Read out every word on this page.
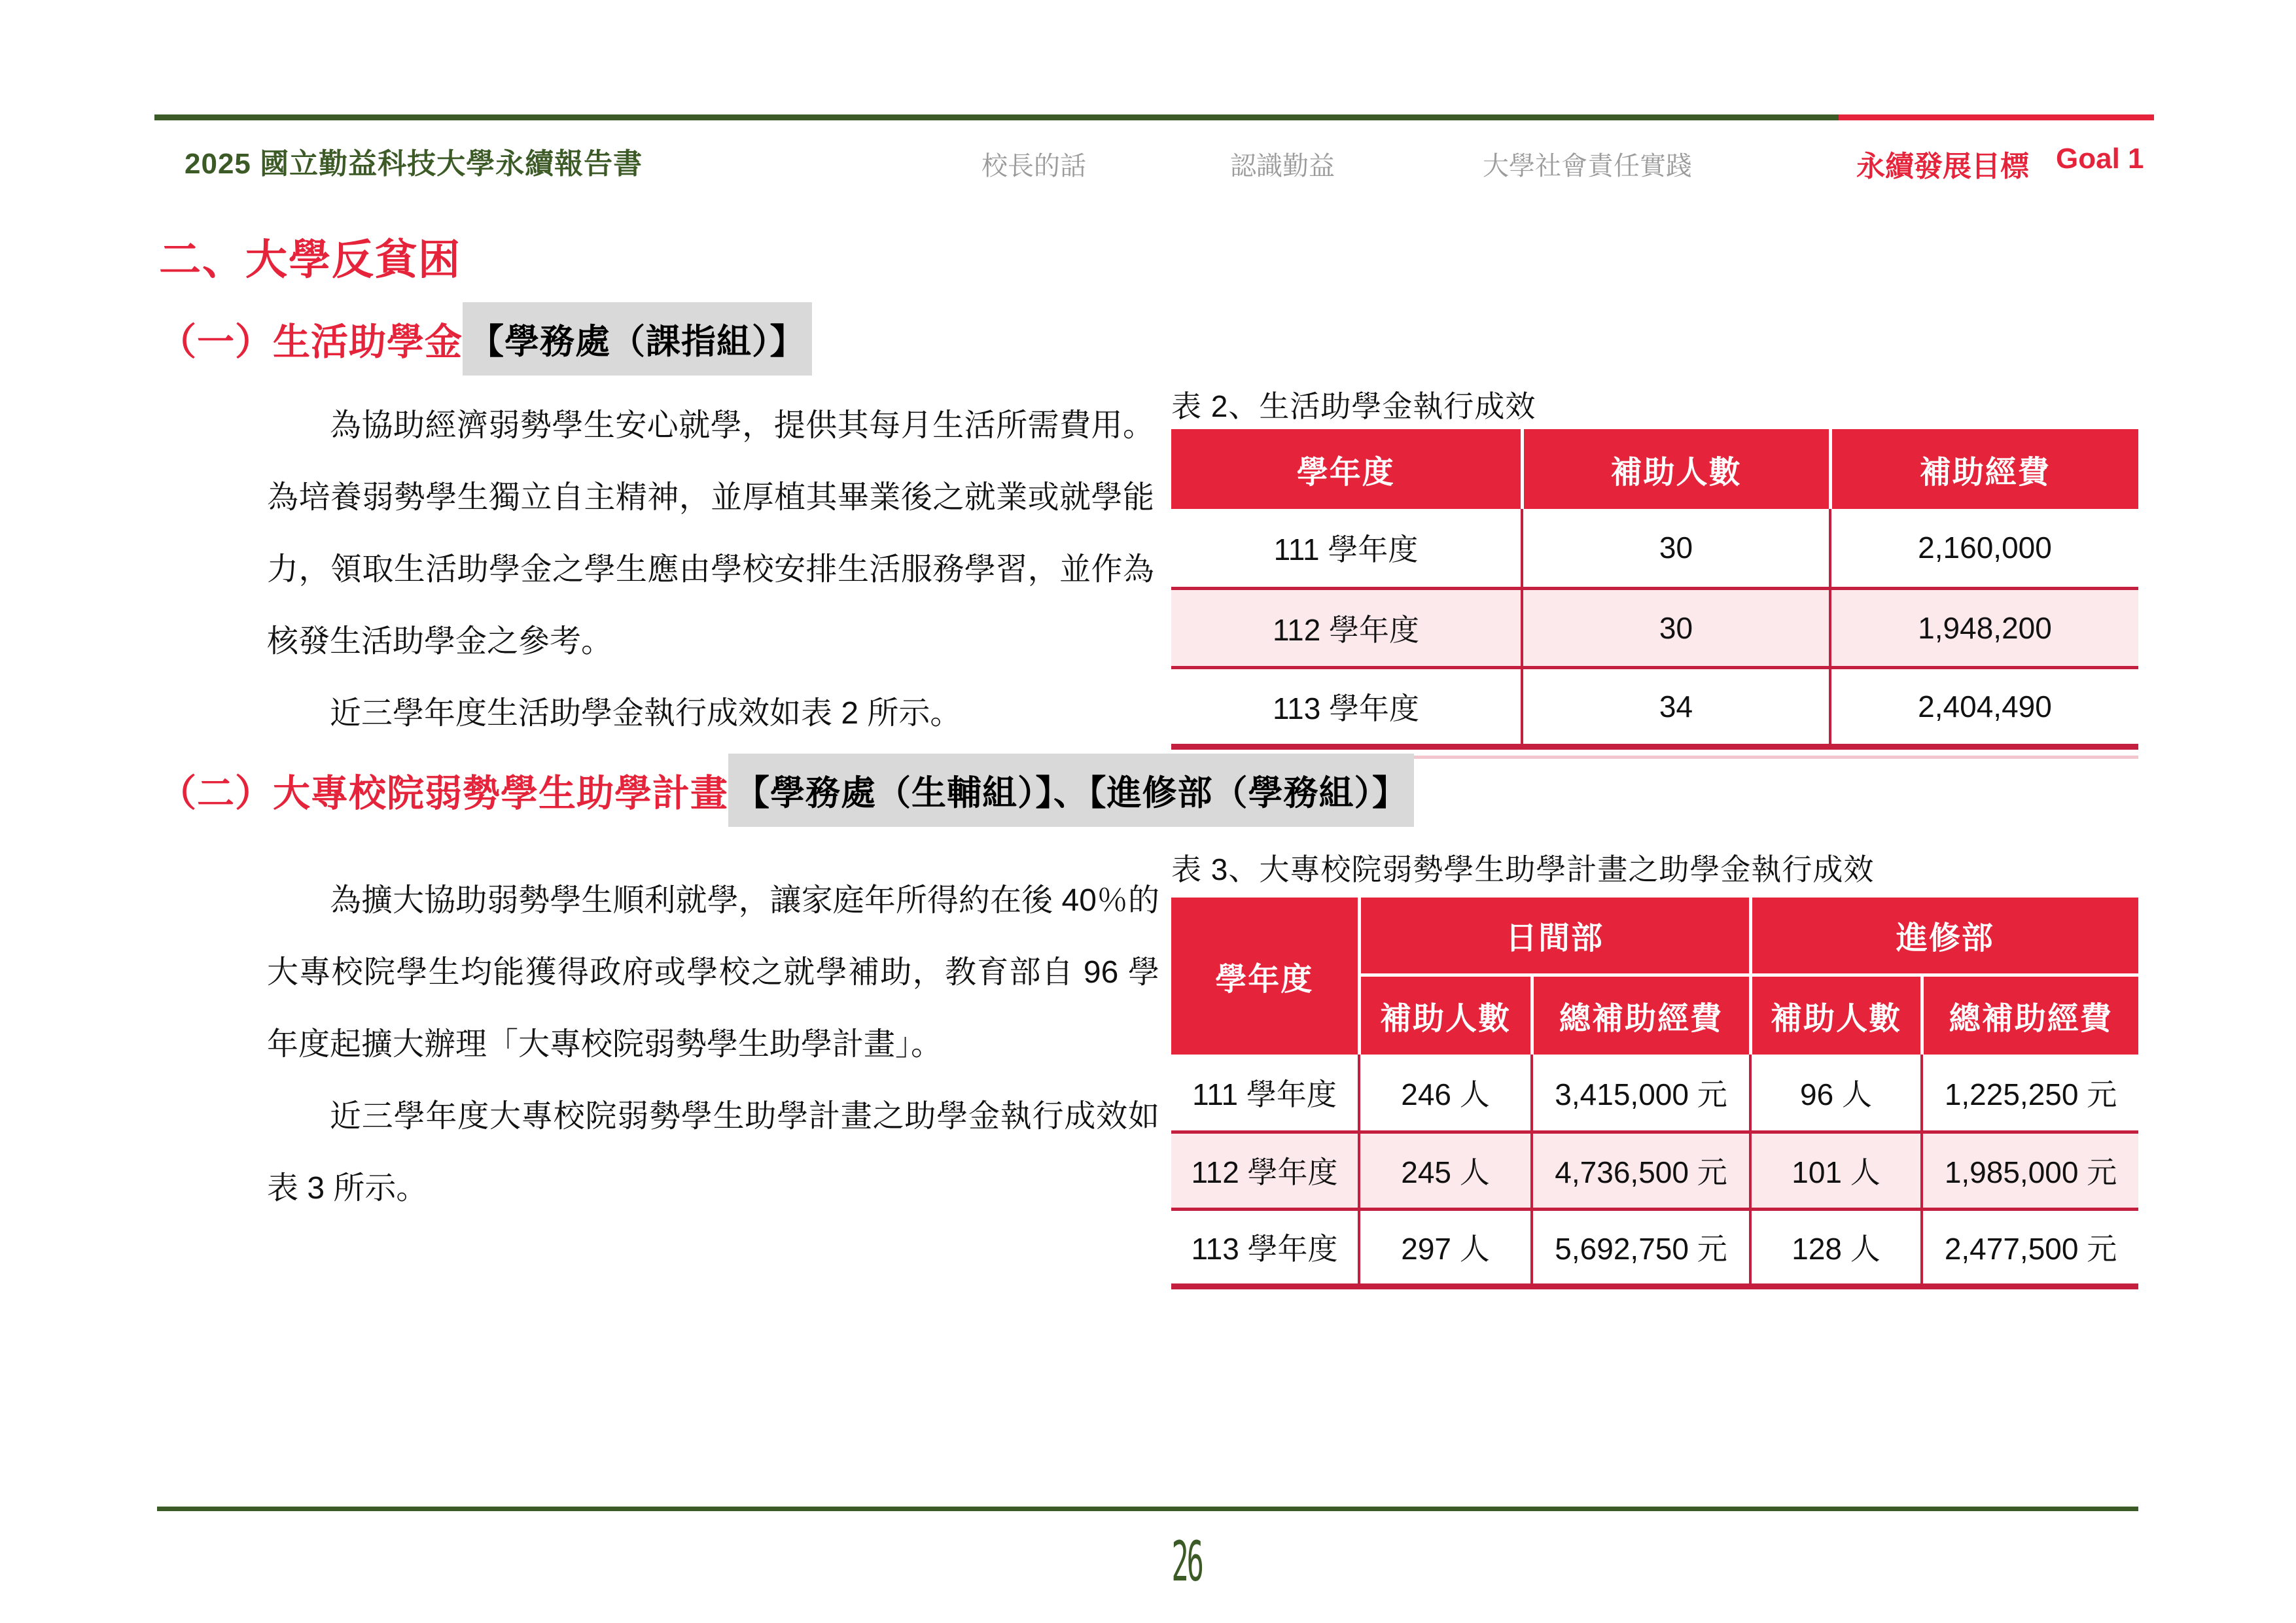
2025 國立勤益科技大學永續報告書	校長的話	認識勤益	大學社會責任實踐	永續發展目標 Goal 1
二、大學反貧困
（一）生活助學金 【學務處（課指組）】

為協助經濟弱勢學生安心就學，提供其每月生活所需費用。為培養弱勢學生獨立自主精神，並厚植其畢業後之就業或就學能力，領取生活助學金之學生應由學校安排生活服務學習，並作為核發生活助學金之參考。

近三學年度生活助學金執行成效如表 2 所示。

表 2、生活助學金執行成效
學年度	補助人數	補助經費
111 學年度	30	2,160,000
112 學年度	30	1,948,200
113 學年度	34	2,404,490
（二）大專校院弱勢學生助學計畫 【學務處（生輔組）】、【進修部（學務組）】

為擴大協助弱勢學生順利就學，讓家庭年所得約在後 40％的大專校院學生均能獲得政府或學校之就學補助，教育部自 96 學年度起擴大辦理「大專校院弱勢學生助學計畫」。

近三學年度大專校院弱勢學生助學計畫之助學金執行成效如表 3 所示。

表 3、大專校院弱勢學生助學計畫之助學金執行成效
學年度	日間部		進修部	
	補助人數	總補助經費	補助人數	總補助經費
111 學年度	246 人	3,415,000 元	96 人	1,225,250 元
112 學年度	245 人	4,736,500 元	101 人	1,985,000 元
113 學年度	297 人	5,692,750 元	128 人	2,477,500 元
26
